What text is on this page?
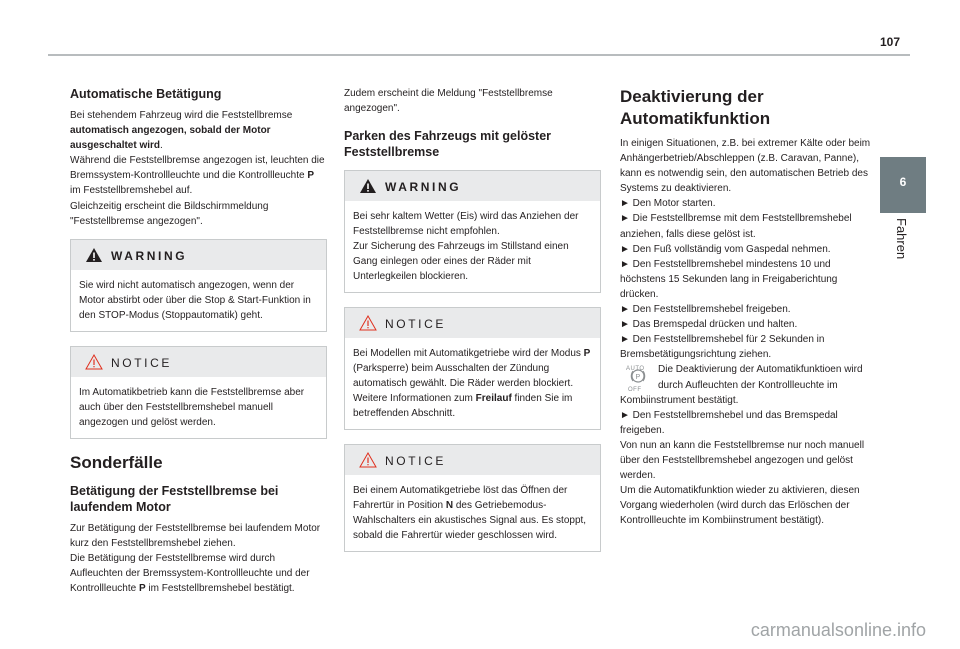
107
6
Fahren
Automatische Betätigung

Bei stehendem Fahrzeug wird die Feststellbremse automatisch angezogen, sobald der Motor ausgeschaltet wird.

Während die Feststellbremse angezogen ist, leuchten die Bremssystem-Kontrollleuchte und die Kontrollleuchte P im Feststellbremshebel auf.

Gleichzeitig erscheint die Bildschirmmeldung "Feststellbremse angezogen".

WARNING
Sie wird nicht automatisch angezogen, wenn der Motor abstirbt oder über die Stop & Start-Funktion in den STOP-Modus (Stoppautomatik) geht.
NOTICE
Im Automatikbetrieb kann die Feststellbremse aber auch über den Feststellbremshebel manuell angezogen und gelöst werden.
Sonderfälle
Betätigung der Feststellbremse bei laufendem Motor

Zur Betätigung der Feststellbremse bei laufendem Motor kurz den Feststellbremshebel ziehen.

Die Betätigung der Feststellbremse wird durch Aufleuchten der Bremssystem-Kontrollleuchte und der Kontrollleuchte P im Feststellbremshebel bestätigt.

Zudem erscheint die Meldung "Feststellbremse angezogen".

Parken des Fahrzeugs mit gelöster Feststellbremse
WARNING
Bei sehr kaltem Wetter (Eis) wird das Anziehen der Feststellbremse nicht empfohlen.
Zur Sicherung des Fahrzeugs im Stillstand einen Gang einlegen oder eines der Räder mit Unterlegkeilen blockieren.
NOTICE
Bei Modellen mit Automatikgetriebe wird der Modus P (Parksperre) beim Ausschalten der Zündung automatisch gewählt. Die Räder werden blockiert.
Weitere Informationen zum Freilauf finden Sie im betreffenden Abschnitt.
NOTICE
Bei einem Automatikgetriebe löst das Öffnen der Fahrertür in Position N des Getriebemodus-Wahlschalters ein akustisches Signal aus. Es stoppt, sobald die Fahrertür wieder geschlossen wird.
Deaktivierung der Automatikfunktion

In einigen Situationen, z.B. bei extremer Kälte oder beim Anhängerbetrieb/Abschleppen (z.B. Caravan, Panne), kann es notwendig sein, den automatischen Betrieb des Systems zu deaktivieren.

► Den Motor starten.

► Die Feststellbremse mit dem Feststellbremshebel anziehen, falls diese gelöst ist.

► Den Fuß vollständig vom Gaspedal nehmen.

► Den Feststellbremshebel mindestens 10 und höchstens 15 Sekunden lang in Freigaberichtung drücken.

► Den Feststellbremshebel freigeben.

► Das Bremspedal drücken und halten.

► Den Feststellbremshebel für 2 Sekunden in Bremsbetätigungsrichtung ziehen.

AUTO
P
OFF
Die Deaktivierung der Automatikfunktioen wird durch Aufleuchten der Kontrollleuchte im Kombiinstrument bestätigt.

► Den Feststellbremshebel und das Bremspedal freigeben.

Von nun an kann die Feststellbremse nur noch manuell über den Feststellbremshebel angezogen und gelöst werden.

Um die Automatikfunktion wieder zu aktivieren, diesen Vorgang wiederholen (wird durch das Erlöschen der Kontrollleuchte im Kombiinstrument bestätigt).

carmanualsonline.info
